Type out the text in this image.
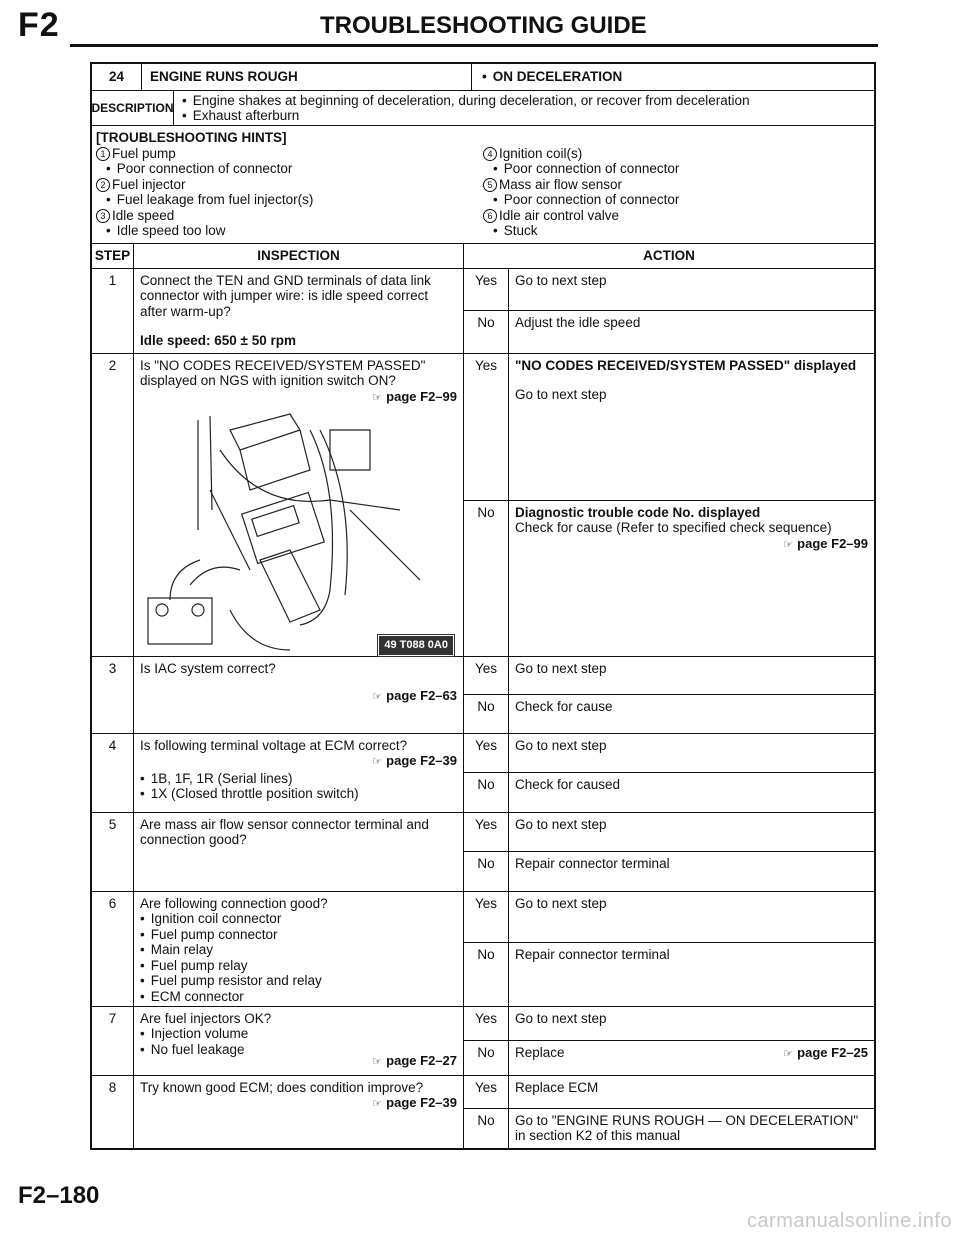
F2	TROUBLESHOOTING GUIDE
24	ENGINE RUNS ROUGH •	ON DECELERATION
DESCRIPTION	• Engine shakes at beginning of deceleration, during deceleration, or recover from deceleration
• Exhaust afterburn
[TROUBLESHOOTING HINTS]
1 Fuel pump
• Poor connection of connector
2 Fuel injector
• Fuel leakage from fuel injector(s)
3 Idle speed
• Idle speed too low
4 Ignition coil(s)
• Poor connection of connector
5 Mass air flow sensor
• Poor connection of connector
6 Idle air control valve
• Stuck
STEP	INSPECTION	ACTION
1	Connect the TEN and GND terminals of data link connector with jumper wire: is idle speed correct after warm-up?
Idle speed: 650 ± 50 rpm
Yes	Go to next step
No	Adjust the idle speed
2	Is "NO CODES RECEIVED/SYSTEM PASSED" displayed on NGS with ignition switch ON?
☞ page F2–99
49 T088 0A0
Yes	"NO CODES RECEIVED/SYSTEM PASSED" displayed
Go to next step
No	Diagnostic trouble code No. displayed
Check for cause (Refer to specified check sequence)
☞ page F2–99
3	Is IAC system correct?
☞ page F2–63
Yes	Go to next step
No	Check for cause
4	Is following terminal voltage at ECM correct?
☞ page F2–39
• 1B, 1F, 1R (Serial lines)
• 1X (Closed throttle position switch)
Yes	Go to next step
No	Check for caused
5	Are mass air flow sensor connector terminal and connection good?
Yes	Go to next step
No	Repair connector terminal
6	Are following connection good?
• Ignition coil connector
• Fuel pump connector
• Main relay
• Fuel pump relay
• Fuel pump resistor and relay
• ECM connector
Yes	Go to next step
No	Repair connector terminal
7	Are fuel injectors OK?
• Injection volume
• No fuel leakage
☞ page F2–27
Yes	Go to next step
No	Replace	☞ page F2–25
8	Try known good ECM; does condition improve?
☞ page F2–39
Yes	Replace ECM
No	Go to "ENGINE RUNS ROUGH — ON DECELERATION" in section K2 of this manual
F2–180
carmanualsonline.info
